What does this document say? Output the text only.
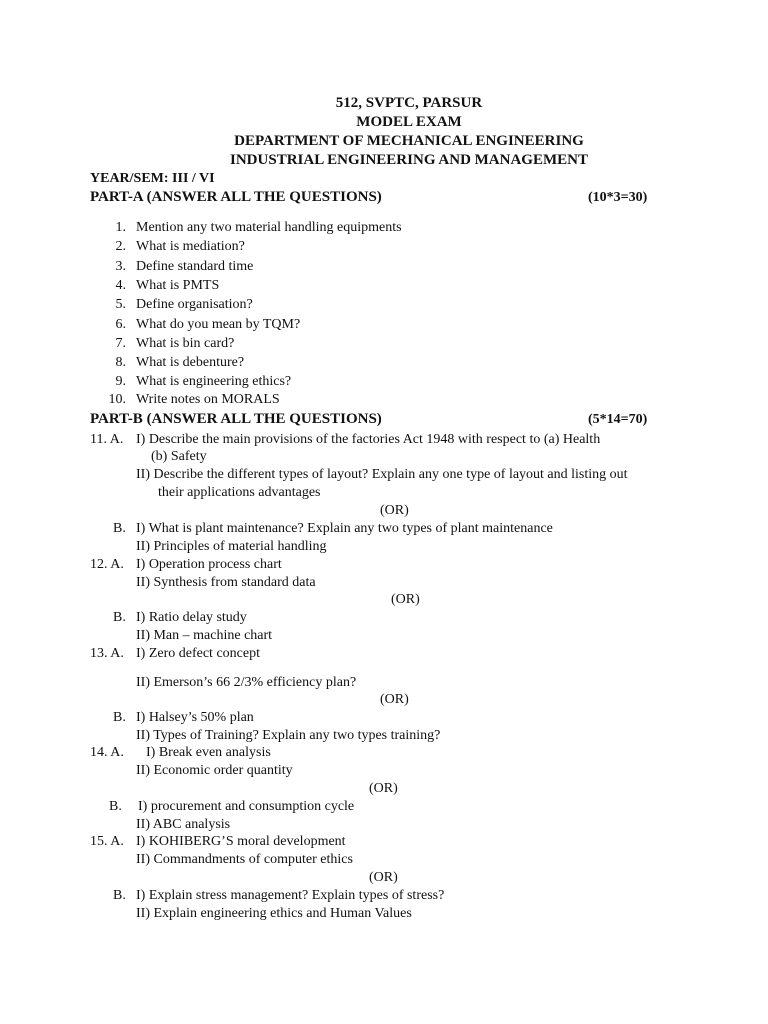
512, SVPTC, PARSUR
MODEL EXAM
DEPARTMENT OF MECHANICAL ENGINEERING
INDUSTRIAL ENGINEERING AND MANAGEMENT
YEAR/SEM: III / VI
PART-A (ANSWER ALL THE QUESTIONS)	(10*3=30)
1. Mention any two material handling equipments
2. What is mediation?
3. Define standard time
4. What is PMTS
5. Define organisation?
6. What do you mean by TQM?
7. What is bin card?
8. What is debenture?
9. What is engineering ethics?
10. Write notes on MORALS
PART-B (ANSWER ALL THE QUESTIONS)	(5*14=70)
11. A. I) Describe the main provisions of the factories Act 1948 with respect to (a) Health
(b) Safety
II) Describe the different types of layout? Explain any one type of layout and listing out
their applications advantages
(OR)
B. I) What is plant maintenance? Explain any two types of plant maintenance
II) Principles of material handling
12. A. I) Operation process chart
II) Synthesis from standard data
(OR)
B. I) Ratio delay study
II) Man – machine chart
13. A. I) Zero defect concept
II) Emerson’s 66 2/3% efficiency plan?
(OR)
B. I) Halsey’s 50% plan
II) Types of Training? Explain any two types training?
14. A. I) Break even analysis
II) Economic order quantity
(OR)
B. I) procurement and consumption cycle
II) ABC analysis
15. A. I) KOHIBERG’S moral development
II) Commandments of computer ethics
(OR)
B. I) Explain stress management? Explain types of stress?
II) Explain engineering ethics and Human Values
